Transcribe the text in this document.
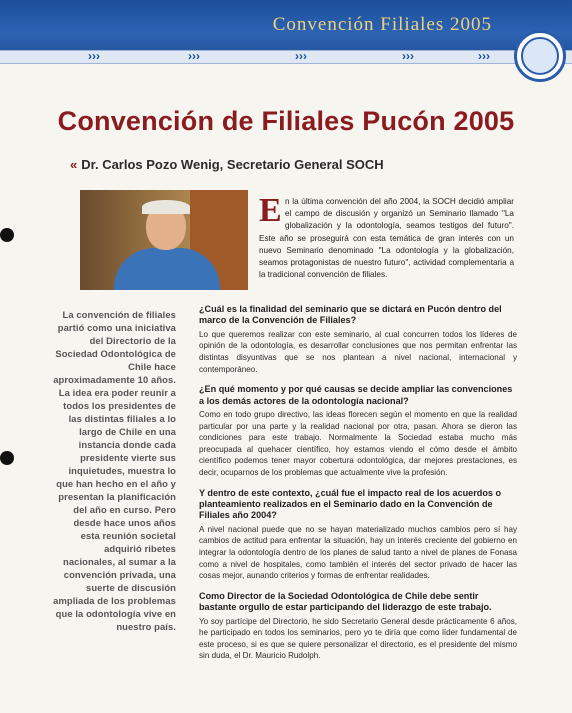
Convención Filiales 2005
›››	›››	›››	›››	›››
Convención de Filiales Pucón 2005
« Dr. Carlos Pozo Wenig, Secretario General SOCH
E n la última convención del año 2004, la SOCH decidió ampliar el campo de discusión y organizó un Seminario llamado "La globalización y la odontología, seamos testigos del futuro". Este año se proseguirá con esta temática de gran interés con un nuevo Seminario denominado "La odontología y la globalización, seamos protagonistas de nuestro futuro", actividad complementaria a la tradicional convención de filiales.
La convención de filiales partió como una iniciativa del Directorio de la Sociedad Odontológica de Chile hace aproximadamente 10 años. La idea era poder reunir a todos los presidentes de las distintas filiales a lo largo de Chile en una instancia donde cada presidente vierte sus inquietudes, muestra lo que han hecho en el año y presentan la planificación del año en curso. Pero desde hace unos años esta reunión societal adquirió ribetes nacionales, al sumar a la convención privada, una suerte de discusión ampliada de los problemas que la odontología vive en nuestro país.

¿Cuál es la finalidad del seminario que se dictará en Pucón dentro del marco de la Convención de Filiales?

Lo que queremos realizar con este seminario, al cual concurren todos los líderes de opinión de la odontología, es desarrollar conclusiones que nos permitan enfrentar las distintas disyuntivas que se nos plantean a nivel nacional, internacional y contemporáneo.

¿En qué momento y por qué causas se decide ampliar las convenciones a los demás actores de la odontología nacional?

Como en todo grupo directivo, las ideas florecen según el momento en que la realidad particular por una parte y la realidad nacional por otra, pasan. Ahora se dieron las condiciones para este trabajo. Normalmente la Sociedad estaba mucho más preocupada al quehacer científico, hoy estamos viendo el cómo desde el ámbito científico podemos tener mayor cobertura odontológica, dar mejores prestaciones, es decir, ocuparnos de los problemas que actualmente vive la profesión.

Y dentro de este contexto, ¿cuál fue el impacto real de los acuerdos o planteamiento realizados en el Seminario dado en la Convención de Filiales año 2004?

A nivel nacional puede que no se hayan materializado muchos cambios pero sí hay cambios de actitud para enfrentar la situación, hay un interés creciente del gobierno en integrar la odontología dentro de los planes de salud tanto a nivel de planes de Fonasa como a nivel de hospitales, como también el interés del sector privado de hacer las cosas mejor, aunando criterios y formas de enfrentar realidades.

Como Director de la Sociedad Odontológica de Chile debe sentir bastante orgullo de estar participando del liderazgo de este trabajo.

Yo soy partícipe del Directorio, he sido Secretario General desde prácticamente 6 años, he participado en todos los seminarios, pero yo te diría que como líder fundamental de este proceso, si es que se quiere personalizar el directorio, es el presidente del mismo sin duda, el Dr. Mauricio Rudolph.
